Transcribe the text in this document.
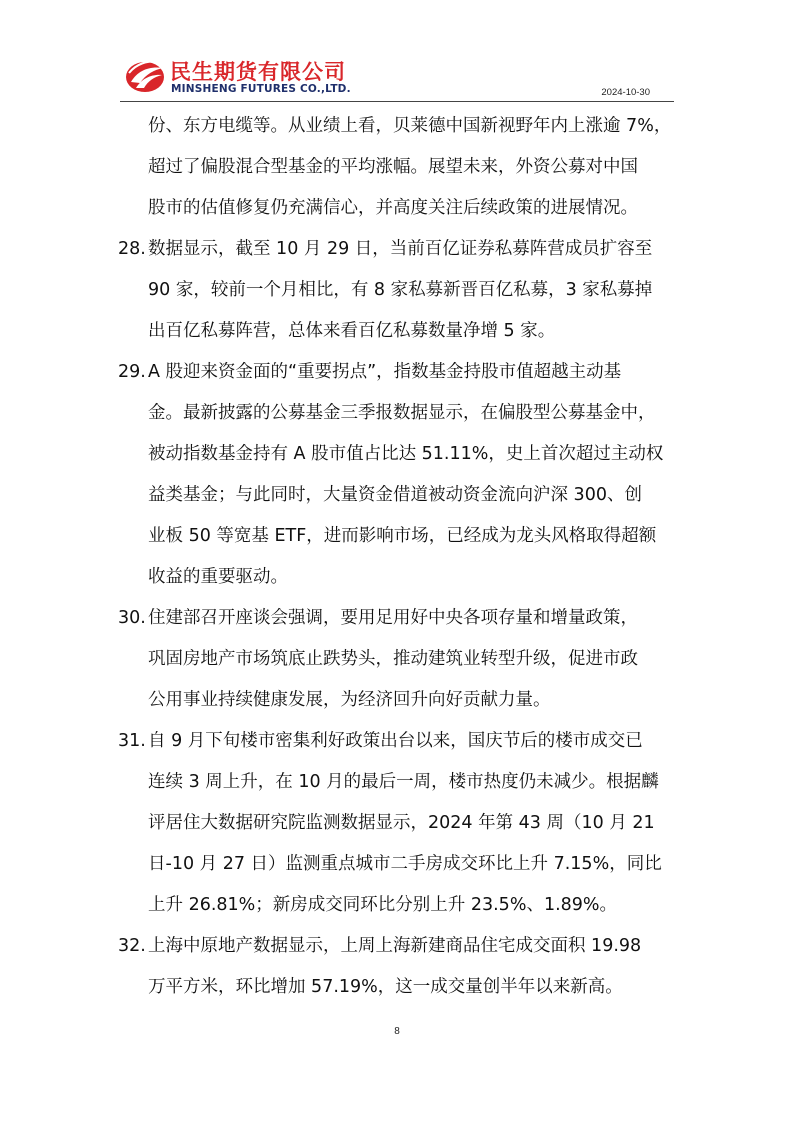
民生期货有限公司
MINSHENG FUTURES CO.,LTD.	2024-10-30
份、东方电缆等。从业绩上看，贝莱德中国新视野年内上涨逾 7%，
超过了偏股混合型基金的平均涨幅。展望未来，外资公募对中国
股市的估值修复仍充满信心，并高度关注后续政策的进展情况。
28. 数据显示，截至 10 月 29 日，当前百亿证券私募阵营成员扩容至
90 家，较前一个月相比，有 8 家私募新晋百亿私募，3 家私募掉
出百亿私募阵营，总体来看百亿私募数量净增 5 家。
29. A 股迎来资金面的“重要拐点”，指数基金持股市值超越主动基
金。最新披露的公募基金三季报数据显示，在偏股型公募基金中，
被动指数基金持有 A 股市值占比达 51.11%，史上首次超过主动权
益类基金；与此同时，大量资金借道被动资金流向沪深 300、创
业板 50 等宽基 ETF，进而影响市场，已经成为龙头风格取得超额
收益的重要驱动。
30. 住建部召开座谈会强调，要用足用好中央各项存量和增量政策，
巩固房地产市场筑底止跌势头，推动建筑业转型升级，促进市政
公用事业持续健康发展，为经济回升向好贡献力量。
31. 自 9 月下旬楼市密集利好政策出台以来，国庆节后的楼市成交已
连续 3 周上升，在 10 月的最后一周，楼市热度仍未减少。根据麟
评居住大数据研究院监测数据显示，2024 年第 43 周（10 月 21
日-10 月 27 日）监测重点城市二手房成交环比上升 7.15%，同比
上升 26.81%；新房成交同环比分别上升 23.5%、1.89%。
32. 上海中原地产数据显示，上周上海新建商品住宅成交面积 19.98
万平方米，环比增加 57.19%，这一成交量创半年以来新高。
8
